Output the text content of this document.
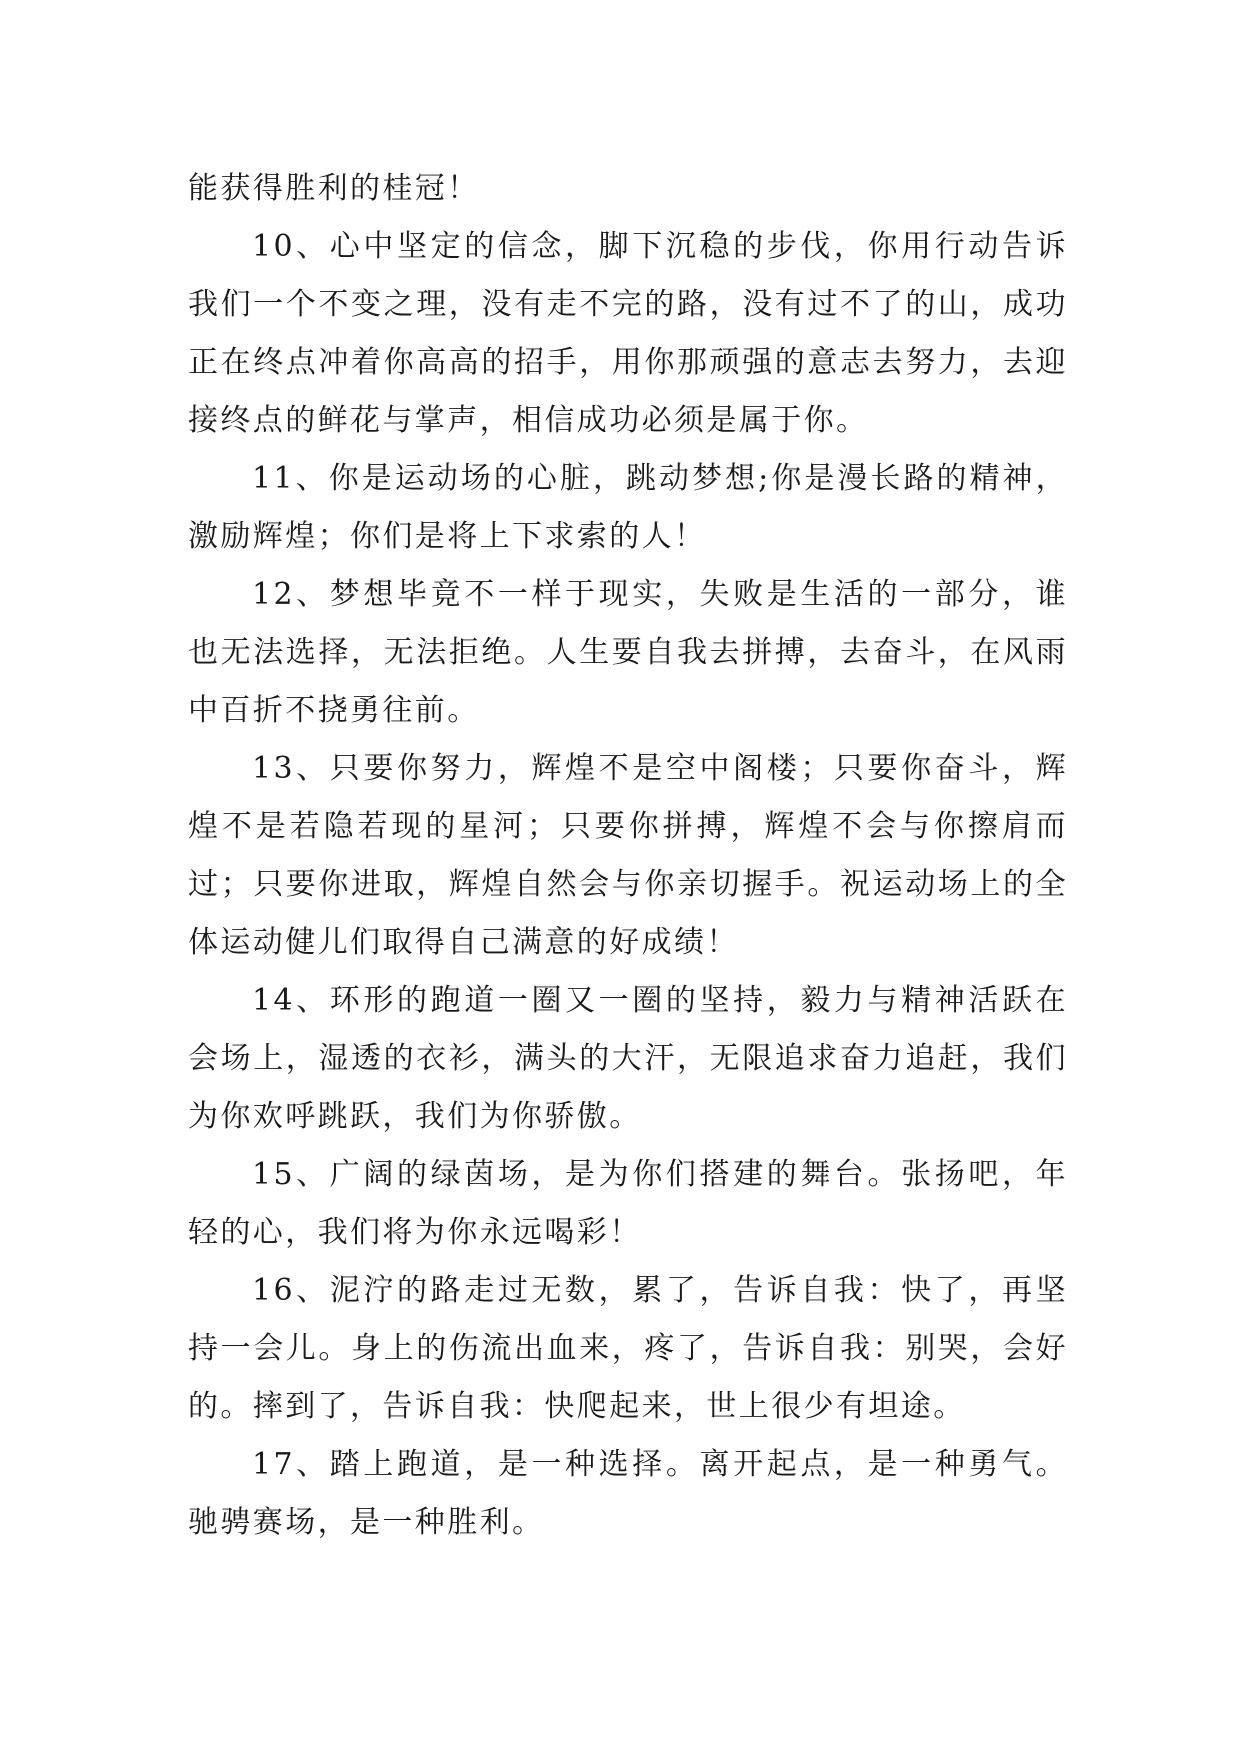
能获得胜利的桂冠！

10、心中坚定的信念，脚下沉稳的步伐，你用行动告诉我们一个不变之理，没有走不完的路，没有过不了的山，成功正在终点冲着你高高的招手，用你那顽强的意志去努力，去迎接终点的鲜花与掌声，相信成功必须是属于你。

11、你是运动场的心脏，跳动梦想;你是漫长路的精神，激励辉煌；你们是将上下求索的人！

12、梦想毕竟不一样于现实，失败是生活的一部分，谁也无法选择，无法拒绝。人生要自我去拼搏，去奋斗，在风雨中百折不挠勇往前。

13、只要你努力，辉煌不是空中阁楼；只要你奋斗，辉煌不是若隐若现的星河；只要你拼搏，辉煌不会与你擦肩而过；只要你进取，辉煌自然会与你亲切握手。祝运动场上的全体运动健儿们取得自己满意的好成绩！

14、环形的跑道一圈又一圈的坚持，毅力与精神活跃在会场上，湿透的衣衫，满头的大汗，无限追求奋力追赶，我们为你欢呼跳跃，我们为你骄傲。

15、广阔的绿茵场，是为你们搭建的舞台。张扬吧，年轻的心，我们将为你永远喝彩！

16、泥泞的路走过无数，累了，告诉自我：快了，再坚持一会儿。身上的伤流出血来，疼了，告诉自我：别哭，会好的。摔到了，告诉自我：快爬起来，世上很少有坦途。

17、踏上跑道，是一种选择。离开起点，是一种勇气。驰骋赛场，是一种胜利。
